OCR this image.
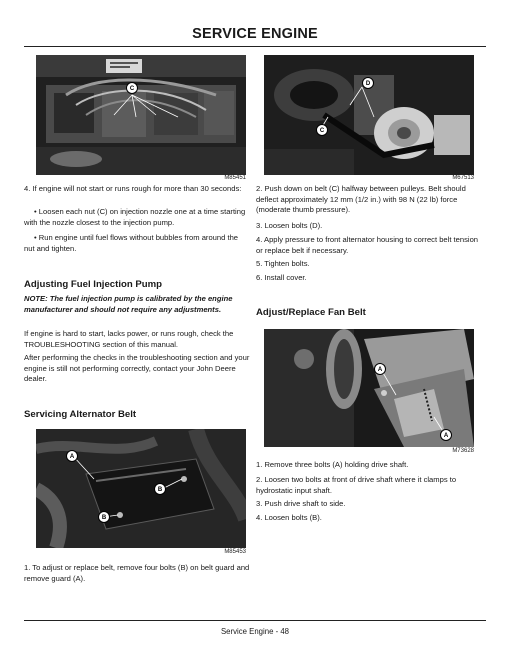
SERVICE ENGINE
C
M85451
D
C
M67513

4. If engine will not start or runs rough for more than 30 seconds:

• Loosen each nut (C) on injection nozzle one at a time starting with the nozzle closest to the injection pump.

• Run engine until fuel flows without bubbles from around the nut and tighten.

Adjusting Fuel Injection Pump

NOTE: The fuel injection pump is calibrated by the engine manufacturer and should not require any adjustments.

If engine is hard to start, lacks power, or runs rough, check the TROUBLESHOOTING section of this manual.

After performing the checks in the troubleshooting section and your engine is still not performing correctly, contact your John Deere dealer.

Servicing Alternator Belt
A
B
B
M85453

1. To adjust or replace belt, remove four bolts (B) on belt guard and remove guard (A).

2. Push down on belt (C) halfway between pulleys. Belt should deflect approximately 12 mm (1/2 in.) with 98 N (22 lb) force (moderate thumb pressure).

3. Loosen bolts (D).

4. Apply pressure to front alternator housing to correct belt tension or replace belt if necessary.

5. Tighten bolts.

6. Install cover.

Adjust/Replace Fan Belt
A
A
M73628

1. Remove three bolts (A) holding drive shaft.

2. Loosen two bolts at front of drive shaft where it clamps to hydrostatic input shaft.

3. Push drive shaft to side.

4. Loosen bolts (B).

Service Engine - 48
